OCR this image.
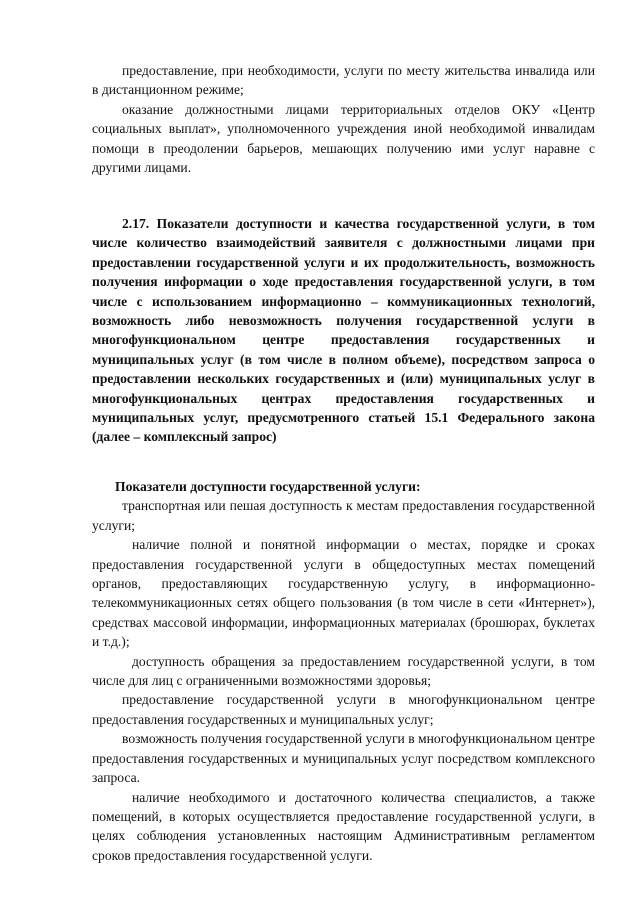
предоставление, при необходимости, услуги по месту жительства инвалида или в дистанционном режиме;

оказание должностными лицами территориальных отделов ОКУ «Центр социальных выплат», уполномоченного учреждения иной необходимой инвалидам помощи в преодолении барьеров, мешающих получению ими услуг наравне с другими лицами.

2.17. Показатели доступности и качества государственной услуги, в том числе количество взаимодействий заявителя с должностными лицами при предоставлении государственной услуги и их продолжительность, возможность получения информации о ходе предоставления государственной услуги, в том числе с использованием информационно – коммуникационных технологий, возможность либо невозможность получения государственной услуги в многофункциональном центре предоставления государственных и муниципальных услуг (в том числе в полном объеме), посредством запроса о предоставлении нескольких государственных и (или) муниципальных услуг в многофункциональных центрах предоставления государственных и муниципальных услуг, предусмотренного статьей 15.1 Федерального закона (далее – комплексный запрос)

Показатели доступности государственной услуги:

транспортная или пешая доступность к местам предоставления государственной услуги;

наличие полной и понятной информации о местах, порядке и сроках предоставления государственной услуги в общедоступных местах помещений органов, предоставляющих государственную услугу, в информационно-телекоммуникационных сетях общего пользования (в том числе в сети «Интернет»), средствах массовой информации, информационных материалах (брошюрах, буклетах и т.д.);

доступность обращения за предоставлением государственной услуги, в том числе для лиц с ограниченными возможностями здоровья;

предоставление государственной услуги в многофункциональном центре предоставления государственных и муниципальных услуг;

возможность получения государственной услуги в многофункциональном центре предоставления государственных и муниципальных услуг посредством комплексного запроса.

наличие необходимого и достаточного количества специалистов, а также помещений, в которых осуществляется предоставление государственной услуги, в целях соблюдения установленных настоящим Административным регламентом сроков предоставления государственной услуги.
